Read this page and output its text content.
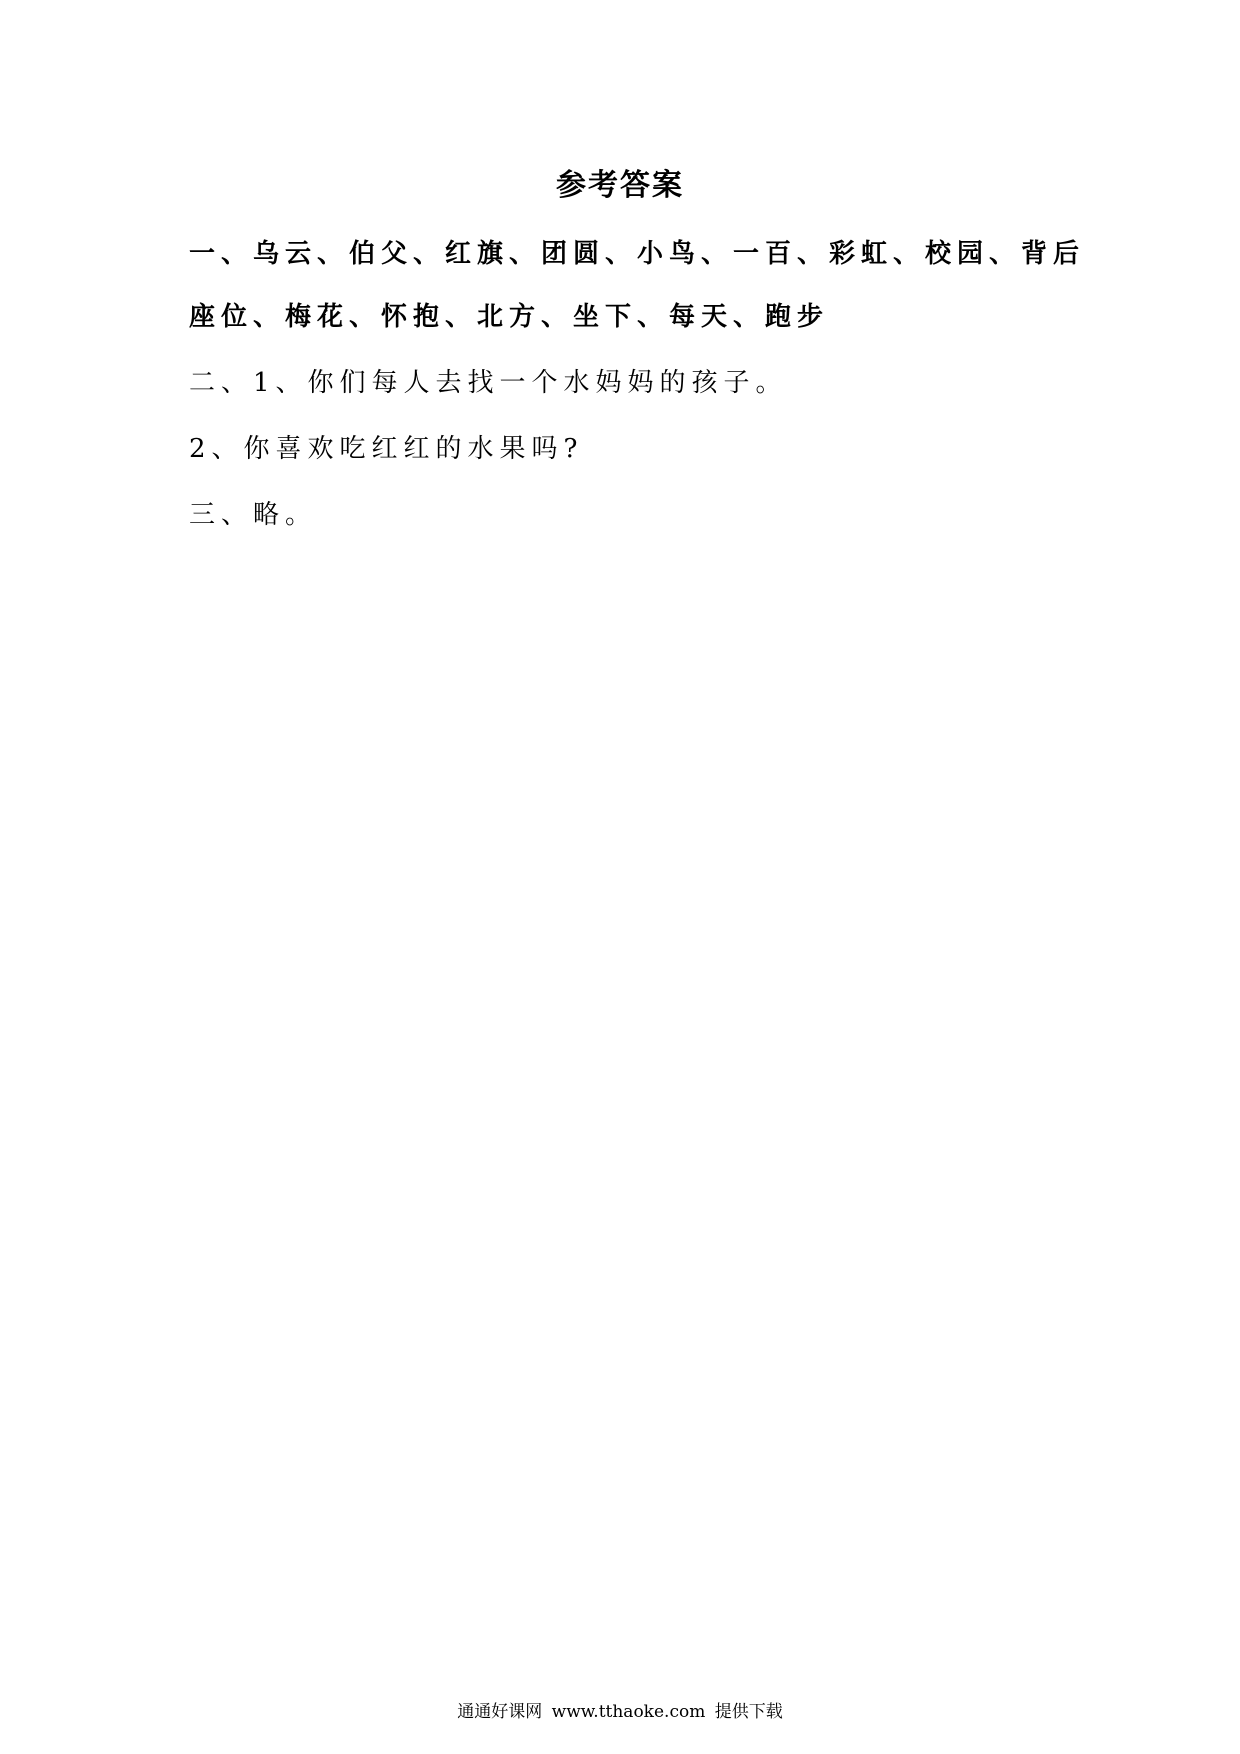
参考答案
一、乌云、伯父、红旗、团圆、小鸟、一百、彩虹、校园、背后
座位、梅花、怀抱、北方、坐下、每天、跑步
二、1、你们每人去找一个水妈妈的孩子。
2、你喜欢吃红红的水果吗?
三、略。
通通好课网 www.tthaoke.com 提供下载
